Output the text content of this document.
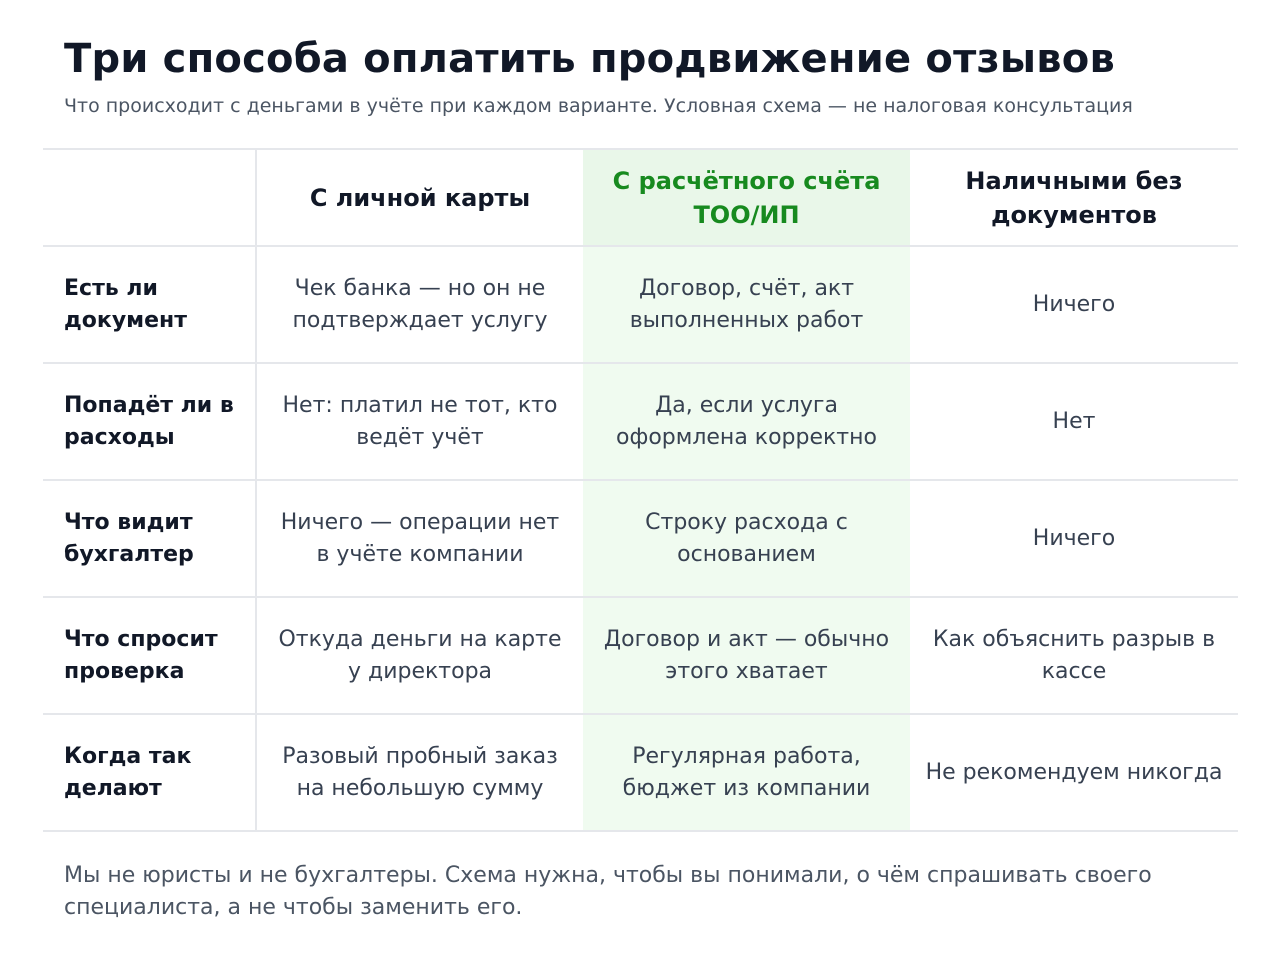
Три способа оплатить продвижение отзывов

Что происходит с деньгами в учёте при каждом варианте. Условная схема — не налоговая консультация

	С личной карты	С расчётного счёта ТОО/ИП	Наличными без документов
Есть ли документ	Чек банка — но он не подтверждает услугу	Договор, счёт, акт выполненных работ	Ничего
Попадёт ли в расходы	Нет: платил не тот, кто ведёт учёт	Да, если услуга оформлена корректно	Нет
Что видит бухгалтер	Ничего — операции нет в учёте компании	Строку расхода с основанием	Ничего
Что спросит проверка	Откуда деньги на карте у директора	Договор и акт — обычно этого хватает	Как объяснить разрыв в кассе
Когда так делают	Разовый пробный заказ на небольшую сумму	Регулярная работа, бюджет из компании	Не рекомендуем никогда

Мы не юристы и не бухгалтеры. Схема нужна, чтобы вы понимали, о чём спрашивать своего специалиста, а не чтобы заменить его.
